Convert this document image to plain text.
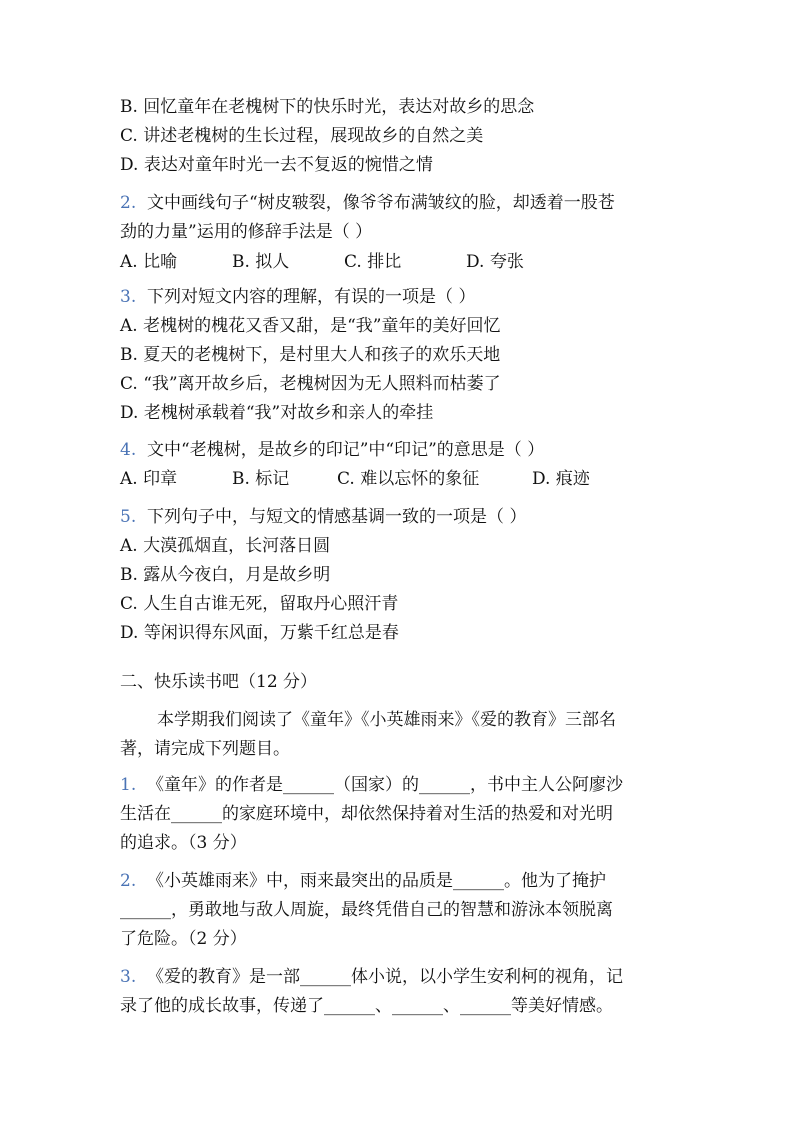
B. 回忆童年在老槐树下的快乐时光，表达对故乡的思念
C. 讲述老槐树的生长过程，展现故乡的自然之美
D. 表达对童年时光一去不复返的惋惜之情
2. 文中画线句子“树皮皲裂，像爷爷布满皱纹的脸，却透着一股苍
劲的力量”运用的修辞手法是（ ）
A. 比喻	B. 拟人	C. 排比	D. 夸张
3. 下列对短文内容的理解，有误的一项是（ ）
A. 老槐树的槐花又香又甜，是“我”童年的美好回忆
B. 夏天的老槐树下，是村里大人和孩子的欢乐天地
C. “我”离开故乡后，老槐树因为无人照料而枯萎了
D. 老槐树承载着“我”对故乡和亲人的牵挂
4. 文中“老槐树，是故乡的印记”中“印记”的意思是（ ）
A. 印章	B. 标记	C. 难以忘怀的象征	D. 痕迹
5. 下列句子中，与短文的情感基调一致的一项是（ ）
A. 大漠孤烟直，长河落日圆
B. 露从今夜白，月是故乡明
C. 人生自古谁无死，留取丹心照汗青
D. 等闲识得东风面，万紫千红总是春
二、快乐读书吧（12 分）
本学期我们阅读了《童年》《小英雄雨来》《爱的教育》三部名
著，请完成下列题目。
1. 《童年》的作者是______（国家）的______，书中主人公阿廖沙
生活在______的家庭环境中，却依然保持着对生活的热爱和对光明
的追求。（3 分）
2. 《小英雄雨来》中，雨来最突出的品质是______。他为了掩护
______，勇敢地与敌人周旋，最终凭借自己的智慧和游泳本领脱离
了危险。（2 分）
3. 《爱的教育》是一部______体小说，以小学生安利柯的视角，记
录了他的成长故事，传递了______、______、______等美好情感。
